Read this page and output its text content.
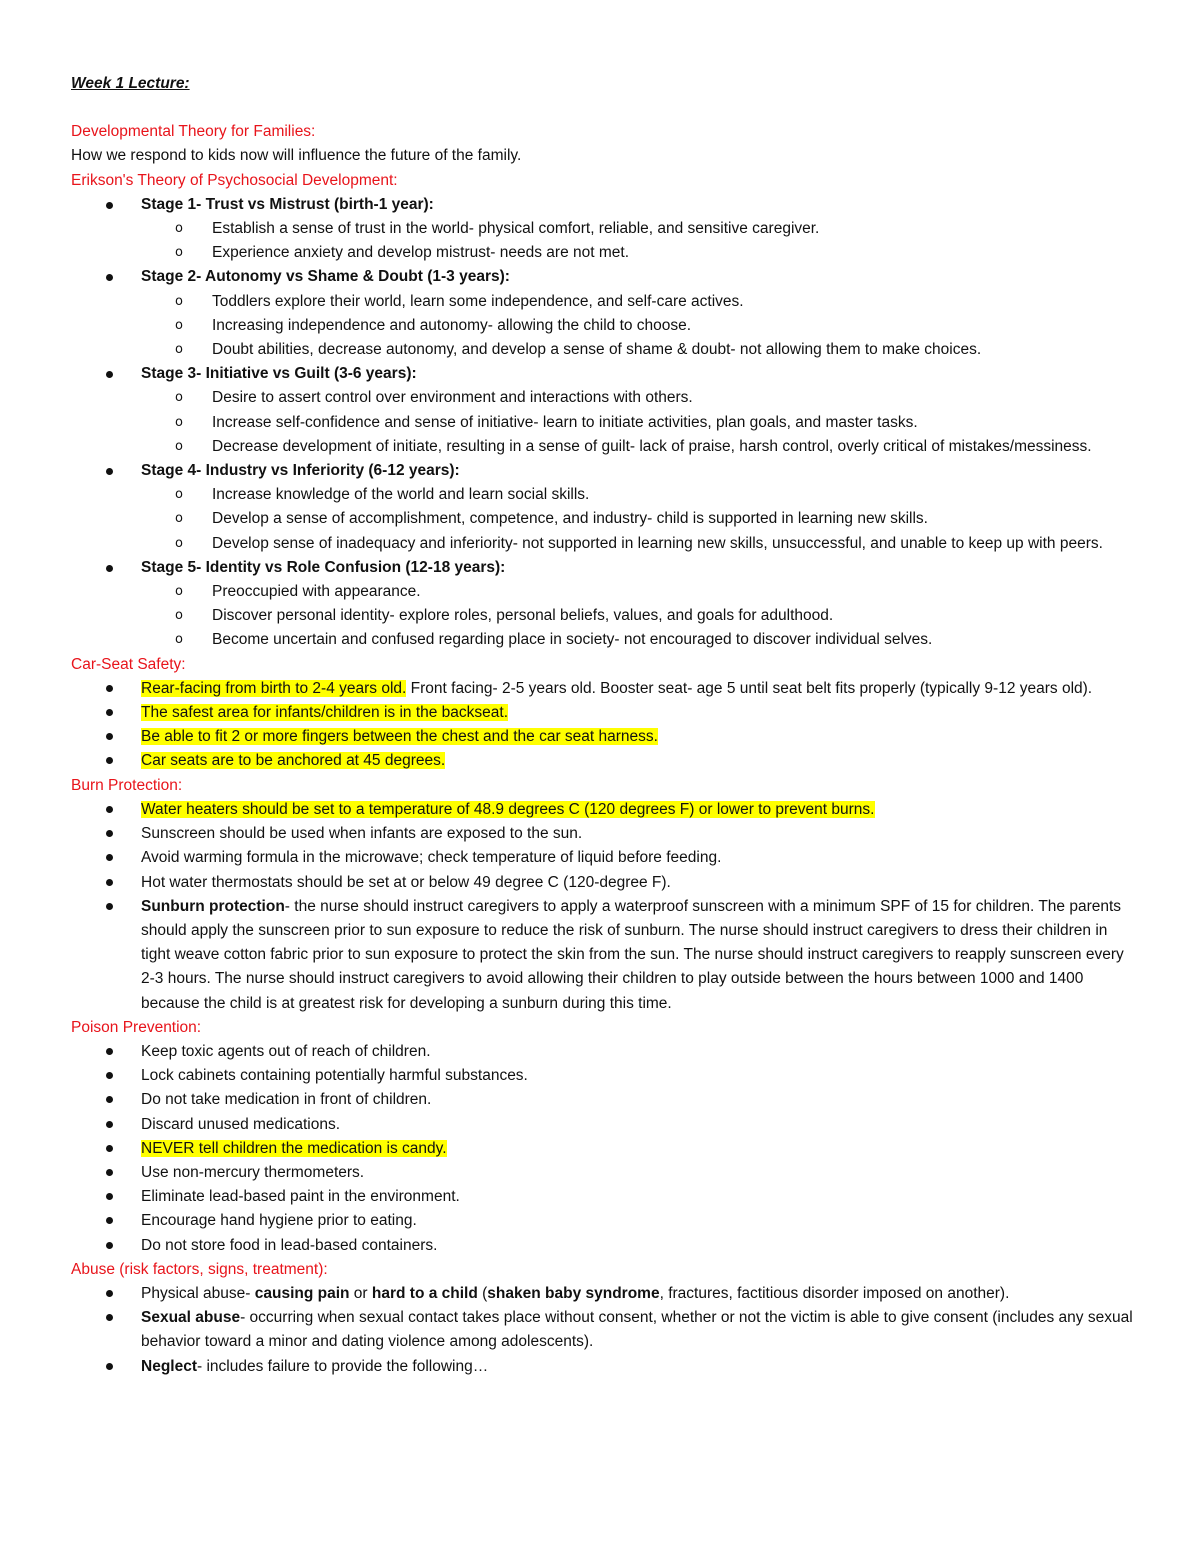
Week 1 Lecture:
Developmental Theory for Families:
How we respond to kids now will influence the future of the family.
Erikson's Theory of Psychosocial Development:
Stage 1- Trust vs Mistrust (birth-1 year):
o Establish a sense of trust in the world- physical comfort, reliable, and sensitive caregiver.
o Experience anxiety and develop mistrust- needs are not met.
Stage 2- Autonomy vs Shame & Doubt (1-3 years):
o Toddlers explore their world, learn some independence, and self-care actives.
o Increasing independence and autonomy- allowing the child to choose.
o Doubt abilities, decrease autonomy, and develop a sense of shame & doubt- not allowing them to make choices.
Stage 3- Initiative vs Guilt (3-6 years):
o Desire to assert control over environment and interactions with others.
o Increase self-confidence and sense of initiative- learn to initiate activities, plan goals, and master tasks.
o Decrease development of initiate, resulting in a sense of guilt- lack of praise, harsh control, overly critical of mistakes/messiness.
Stage 4- Industry vs Inferiority (6-12 years):
o Increase knowledge of the world and learn social skills.
o Develop a sense of accomplishment, competence, and industry- child is supported in learning new skills.
o Develop sense of inadequacy and inferiority- not supported in learning new skills, unsuccessful, and unable to keep up with peers.
Stage 5- Identity vs Role Confusion (12-18 years):
o Preoccupied with appearance.
o Discover personal identity- explore roles, personal beliefs, values, and goals for adulthood.
o Become uncertain and confused regarding place in society- not encouraged to discover individual selves.
Car-Seat Safety:
Rear-facing from birth to 2-4 years old. Front facing- 2-5 years old. Booster seat- age 5 until seat belt fits properly (typically 9-12 years old).
The safest area for infants/children is in the backseat.
Be able to fit 2 or more fingers between the chest and the car seat harness.
Car seats are to be anchored at 45 degrees.
Burn Protection:
Water heaters should be set to a temperature of 48.9 degrees C (120 degrees F) or lower to prevent burns.
Sunscreen should be used when infants are exposed to the sun.
Avoid warming formula in the microwave; check temperature of liquid before feeding.
Hot water thermostats should be set at or below 49 degree C (120-degree F).
Sunburn protection- the nurse should instruct caregivers to apply a waterproof sunscreen with a minimum SPF of 15 for children. The parents should apply the sunscreen prior to sun exposure to reduce the risk of sunburn. The nurse should instruct caregivers to dress their children in tight weave cotton fabric prior to sun exposure to protect the skin from the sun. The nurse should instruct caregivers to reapply sunscreen every 2-3 hours. The nurse should instruct caregivers to avoid allowing their children to play outside between the hours between 1000 and 1400 because the child is at greatest risk for developing a sunburn during this time.
Poison Prevention:
Keep toxic agents out of reach of children.
Lock cabinets containing potentially harmful substances.
Do not take medication in front of children.
Discard unused medications.
NEVER tell children the medication is candy.
Use non-mercury thermometers.
Eliminate lead-based paint in the environment.
Encourage hand hygiene prior to eating.
Do not store food in lead-based containers.
Abuse (risk factors, signs, treatment):
Physical abuse- causing pain or hard to a child (shaken baby syndrome, fractures, factitious disorder imposed on another).
Sexual abuse- occurring when sexual contact takes place without consent, whether or not the victim is able to give consent (includes any sexual behavior toward a minor and dating violence among adolescents).
Neglect- includes failure to provide the following…
